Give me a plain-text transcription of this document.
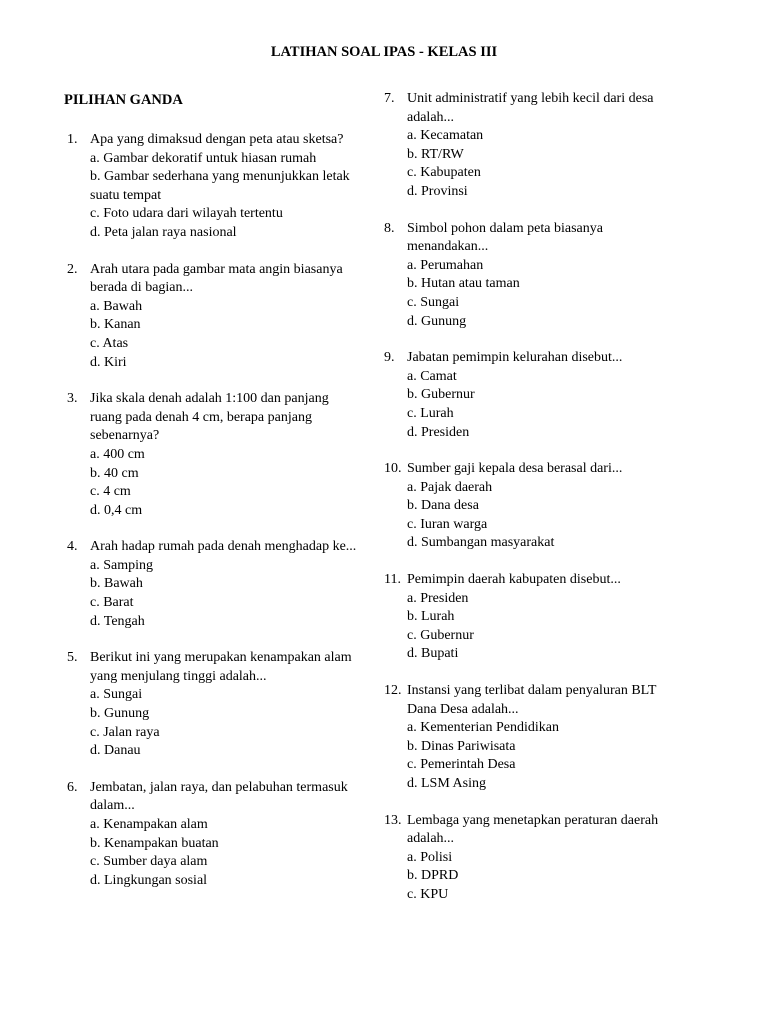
LATIHAN SOAL IPAS - KELAS III
PILIHAN GANDA
1. Apa yang dimaksud dengan peta atau sketsa?
a. Gambar dekoratif untuk hiasan rumah
b. Gambar sederhana yang menunjukkan letak suatu tempat
c. Foto udara dari wilayah tertentu
d. Peta jalan raya nasional
2. Arah utara pada gambar mata angin biasanya berada di bagian...
a. Bawah
b. Kanan
c. Atas
d. Kiri
3. Jika skala denah adalah 1:100 dan panjang ruang pada denah 4 cm, berapa panjang sebenarnya?
a. 400 cm
b. 40 cm
c. 4 cm
d. 0,4 cm
4. Arah hadap rumah pada denah menghadap ke...
a. Samping
b. Bawah
c. Barat
d. Tengah
5. Berikut ini yang merupakan kenampakan alam yang menjulang tinggi adalah...
a. Sungai
b. Gunung
c. Jalan raya
d. Danau
6. Jembatan, jalan raya, dan pelabuhan termasuk dalam...
a. Kenampakan alam
b. Kenampakan buatan
c. Sumber daya alam
d. Lingkungan sosial
7. Unit administratif yang lebih kecil dari desa adalah...
a. Kecamatan
b. RT/RW
c. Kabupaten
d. Provinsi
8. Simbol pohon dalam peta biasanya menandakan...
a. Perumahan
b. Hutan atau taman
c. Sungai
d. Gunung
9. Jabatan pemimpin kelurahan disebut...
a. Camat
b. Gubernur
c. Lurah
d. Presiden
10. Sumber gaji kepala desa berasal dari...
a. Pajak daerah
b. Dana desa
c. Iuran warga
d. Sumbangan masyarakat
11. Pemimpin daerah kabupaten disebut...
a. Presiden
b. Lurah
c. Gubernur
d. Bupati
12. Instansi yang terlibat dalam penyaluran BLT Dana Desa adalah...
a. Kementerian Pendidikan
b. Dinas Pariwisata
c. Pemerintah Desa
d. LSM Asing
13. Lembaga yang menetapkan peraturan daerah adalah...
a. Polisi
b. DPRD
c. KPU
